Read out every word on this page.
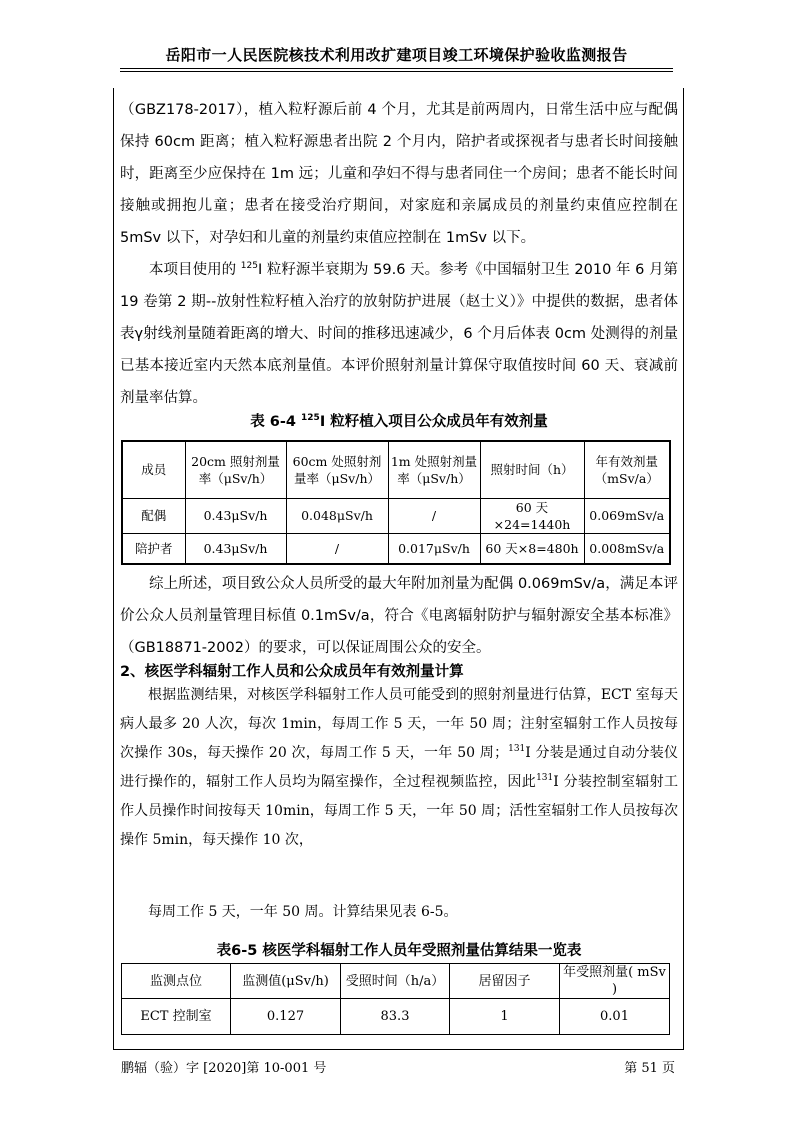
岳阳市一人民医院核技术利用改扩建项目竣工环境保护验收监测报告
（GBZ178-2017），植入粒籽源后前 4 个月，尤其是前两周内，日常生活中应与配偶保持 60cm 距离；植入粒籽源患者出院 2 个月内，陪护者或探视者与患者长时间接触时，距离至少应保持在 1m 远；儿童和孕妇不得与患者同住一个房间；患者不能长时间接触或拥抱儿童；患者在接受治疗期间，对家庭和亲属成员的剂量约束值应控制在 5mSv 以下，对孕妇和儿童的剂量约束值应控制在 1mSv 以下。
本项目使用的 $^{125}$I 粒籽源半衰期为 59.6 天。参考《中国辐射卫生 2010 年 6 月第 19 卷第 2 期--放射性粒籽植入治疗的放射防护进展（赵士义）》中提供的数据，患者体表γ射线剂量随着距离的增大、时间的推移迅速减少，6 个月后体表 0cm 处测得的剂量已基本接近室内天然本底剂量值。本评价照射剂量计算保守取值按时间 60 天、衰减前剂量率估算。
表 6-4 $^{125}$I 粒籽植入项目公众成员年有效剂量
成员	20cm 照射剂量率（μSv/h）	60cm 处照射剂量率（μSv/h）	1m 处照射剂量率（μSv/h）	照射时间（h）	年有效剂量（mSv/a）
配偶	0.43μSv/h	0.048μSv/h	/	60 天×24=1440h	0.069mSv/a
陪护者	0.43μSv/h	/	0.017μSv/h	60 天×8=480h	0.008mSv/a
综上所述，项目致公众人员所受的最大年附加剂量为配偶 0.069mSv/a，满足本评价公众人员剂量管理目标值 0.1mSv/a，符合《电离辐射防护与辐射源安全基本标准》（GB18871-2002）的要求，可以保证周围公众的安全。
2、核医学科辐射工作人员和公众成员年有效剂量计算
根据监测结果，对核医学科辐射工作人员可能受到的照射剂量进行估算，ECT 室每天病人最多 20 人次，每次 1min，每周工作 5 天，一年 50 周；注射室辐射工作人员按每次操作 30s，每天操作 20 次，每周工作 5 天，一年 50 周；$^{131}$I 分装是通过自动分装仪进行操作的，辐射工作人员均为隔室操作，全过程视频监控，因此$^{131}$I 分装控制室辐射工作人员操作时间按每天 10min，每周工作 5 天，一年 50 周；活性室辐射工作人员按每次操作 5min，每天操作 10 次，
每周工作 5 天，一年 50 周。计算结果见表 6-5。
表6-5 核医学科辐射工作人员年受照剂量估算结果一览表
监测点位	监测值(μSv/h)	受照时间（h/a）	居留因子	年受照剂量( mSv )
ECT 控制室	0.127	83.3	1	0.01
鹏辐（验）字 [2020]第 10-001 号	第 51 页
